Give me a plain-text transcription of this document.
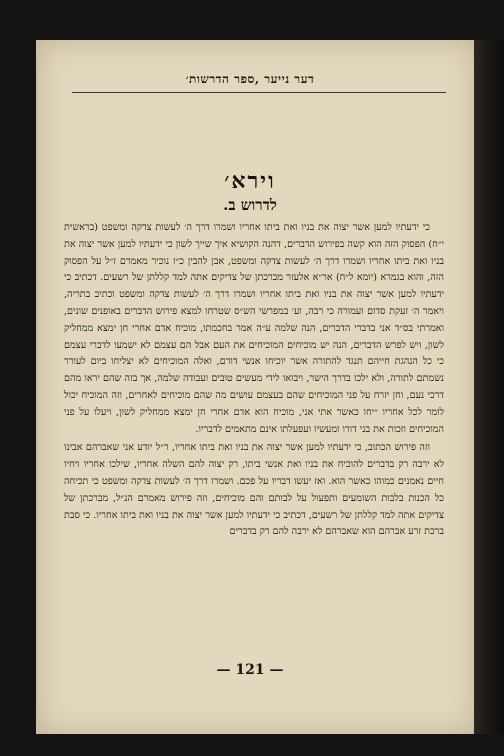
דער נייער ,ספר הדרשות׳
וירא׳
לדרוש ב.

כי ידעתיו למען אשר יצוה את בניו ואת ביתו אחריו ושמרו דרך ה׳ לעשות צדקה ומשפט (בראשית י״ח) הפסוק הזה הוא קשה בפירוש הדברים, דהנה הקושיא איך שייך לשון כי ידעתיו למען אשר יצוה את בניו ואת ביתו אחריו ושמרו דרך ה׳ לעשות צדקה ומשפט, אבן להבין כ״ז נוכיר מאמרם ז״ל על הפסוק הזה, והוא בגמרא (יומא ל״ח) אר״א אלעזר מברכתן של צדיקים אתה למד קללתן של רשעים. דכתיב כי ידעתיו למען אשר יצוה את בניו ואת ביתו אחריו ושמרו דרך ה׳ לעשות צדקה ומשפט וכתיב בתריה, ויאמר ה׳ זעקת סדום ועמורה כי רבה, וע׳ במפרשי הש״ס שטרחו למצא פירוש הדברים באופנים שונים, ואמרתי בס״ד אני בדברי הדברים, הנה שלמה ע״ה אמר בחכמתו, מוכיח אדם אחרי חן ימצא ממחליק לשון, ויש לפרש הדברים, הנה יש מוכיחים המוכיחים את העם אבל הם עצמם לא ישמעו לדברי עצמם כי כל הנהגת חייהם תנגד להתורה אשר יוכיחו אנשי דורם, ואלה המוכיחים לא יצליחו ביום לעורר נשמתם לתורה, ולא ילכו בדרך הישר, ויבואו לידי מעשים טובים ועבודה שלמה, אך בזה שהם יראו מהם דרכי נעם, וחן יזרח על פני המוכיחים שהם בעצמם עושים מה שהם מוכיחים לאחרים, וזה המוכיח יכול לומר לכל אחריו ״יחו כאשר אתי אני, מוכיח הוא אדם אחרי חן ימצא ממחליק לשון, ויעלו על פני המוכיחים וזכות את בני דורו ומעשיו ועפעלתו אינם מתאמים לדבריו.

וזה פירוש הכתוב, כי ידעתיו למען אשר יצוה את בניו ואת ביתו אחריו, ר״ל יודע אני שאברהם אבינו לא ירבה רק בדברים להוכיח את בניו ואת אנשי ביתו, רק יצוה להם השלה אחריו, שילכו אחריו ויחיו חיים נאמנים כמוהו כאשר הוא. ואז יעשו דבריו על פכם. ושמרו דרך ה׳ לעשות צדקה ומשפט כי תכיחה כל הכנות בלבות השומעים ותפעול על לבותם והם מוכיחים, וזה פירוש מאמרם הנ״ל, מברכתן של צדיקים אתה למד קללתן של רשעים, דכתיב כי ידעתיו למען אשר יצוה את בניו ואת ביתו אחריו. כי סבת ברכת זרע אברהם הוא שאברהם לא ירבה להם רק בדברים

— 121 —
